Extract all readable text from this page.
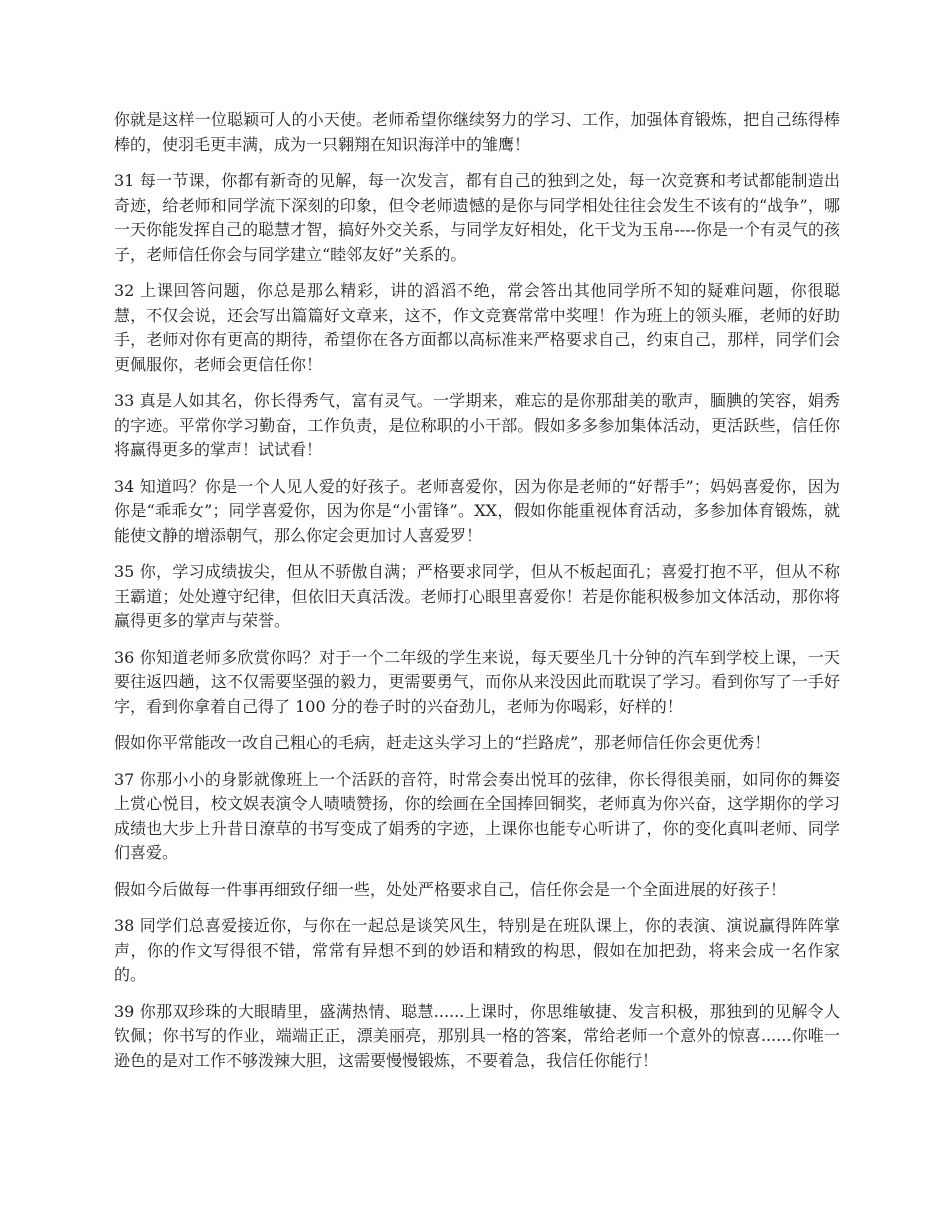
你就是这样一位聪颖可人的小天使。老师希望你继续努力的学习、工作，加强体育锻炼，把自己练得棒棒的，使羽毛更丰满，成为一只翱翔在知识海洋中的雏鹰！

31 每一节课，你都有新奇的见解，每一次发言，都有自己的独到之处，每一次竞赛和考试都能制造出奇迹，给老师和同学流下深刻的印象，但令老师遗憾的是你与同学相处往往会发生不该有的“战争”，哪一天你能发挥自己的聪慧才智，搞好外交关系，与同学友好相处，化干戈为玉帛----你是一个有灵气的孩子，老师信任你会与同学建立“睦邻友好”关系的。

32 上课回答问题，你总是那么精彩，讲的滔滔不绝，常会答出其他同学所不知的疑难问题，你很聪慧，不仅会说，还会写出篇篇好文章来，这不，作文竞赛常常中奖哩！作为班上的领头雁，老师的好助手，老师对你有更高的期待，希望你在各方面都以高标准来严格要求自己，约束自己，那样，同学们会更佩服你，老师会更信任你！

33 真是人如其名，你长得秀气，富有灵气。一学期来，难忘的是你那甜美的歌声，腼腆的笑容，娟秀的字迹。平常你学习勤奋，工作负责，是位称职的小干部。假如多多参加集体活动，更活跃些，信任你将赢得更多的掌声！试试看！

34 知道吗？你是一个人见人爱的好孩子。老师喜爱你，因为你是老师的“好帮手”；妈妈喜爱你，因为你是“乖乖女”；同学喜爱你，因为你是“小雷锋”。XX，假如你能重视体育活动，多参加体育锻炼，就能使文静的增添朝气，那么你定会更加讨人喜爱罗！

35 你，学习成绩拔尖，但从不骄傲自满；严格要求同学，但从不板起面孔；喜爱打抱不平，但从不称王霸道；处处遵守纪律，但依旧天真活泼。老师打心眼里喜爱你！若是你能积极参加文体活动，那你将赢得更多的掌声与荣誉。

36 你知道老师多欣赏你吗？对于一个二年级的学生来说，每天要坐几十分钟的汽车到学校上课，一天要往返四趟，这不仅需要坚强的毅力，更需要勇气，而你从来没因此而耽误了学习。看到你写了一手好字，看到你拿着自己得了 100 分的卷子时的兴奋劲儿，老师为你喝彩，好样的！

假如你平常能改一改自己粗心的毛病，赶走这头学习上的“拦路虎”，那老师信任你会更优秀！

37 你那小小的身影就像班上一个活跃的音符，时常会奏出悦耳的弦律，你长得很美丽，如同你的舞姿上赏心悦目，校文娱表演令人啧啧赞扬，你的绘画在全国捧回铜奖，老师真为你兴奋，这学期你的学习成绩也大步上升昔日潦草的书写变成了娟秀的字迹，上课你也能专心听讲了，你的变化真叫老师、同学们喜爱。

假如今后做每一件事再细致仔细一些，处处严格要求自己，信任你会是一个全面进展的好孩子！

38 同学们总喜爱接近你，与你在一起总是谈笑风生，特别是在班队课上，你的表演、演说赢得阵阵掌声，你的作文写得很不错，常常有异想不到的妙语和精致的构思，假如在加把劲，将来会成一名作家的。

39 你那双珍珠的大眼睛里，盛满热情、聪慧......上课时，你思维敏捷、发言积极，那独到的见解令人钦佩；你书写的作业，端端正正，漂美丽亮，那别具一格的答案，常给老师一个意外的惊喜......你唯一逊色的是对工作不够泼辣大胆，这需要慢慢锻炼，不要着急，我信任你能行！
